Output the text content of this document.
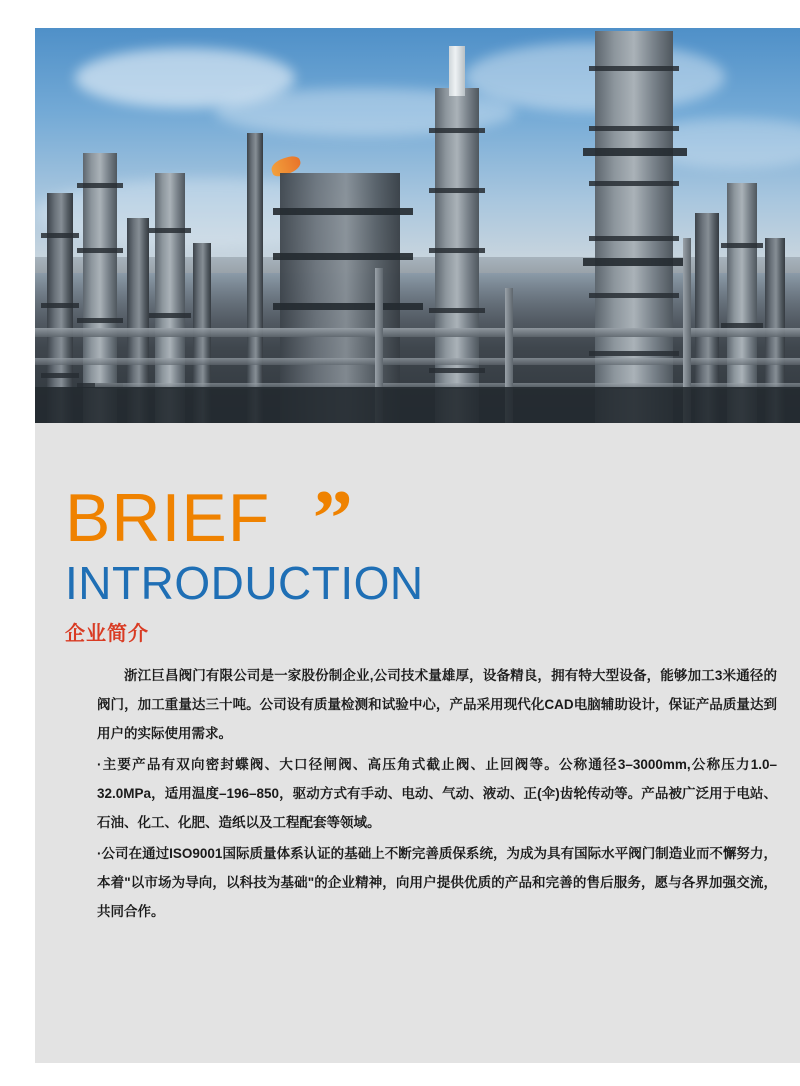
BRIEF ”
INTRODUCTION
企业简介

浙江巨昌阀门有限公司是一家股份制企业,公司技术量雄厚，设备精良，拥有特大型设备，能够加工3米通径的阀门，加工重量达三十吨。公司设有质量检测和试验中心，产品采用现代化CAD电脑辅助设计，保证产品质量达到用户的实际使用需求。

·主要产品有双向密封蝶阀、大口径闸阀、高压角式截止阀、止回阀等。公称通径3–3000mm,公称压力1.0–32.0MPa，适用温度–196–850，驱动方式有手动、电动、气动、液动、正(伞)齿轮传动等。产品被广泛用于电站、石油、化工、化肥、造纸以及工程配套等领域。

·公司在通过ISO9001国际质量体系认证的基础上不断完善质保系统，为成为具有国际水平阀门制造业而不懈努力，本着"以市场为导向，以科技为基础"的企业精神，向用户提供优质的产品和完善的售后服务，愿与各界加强交流，共同合作。
